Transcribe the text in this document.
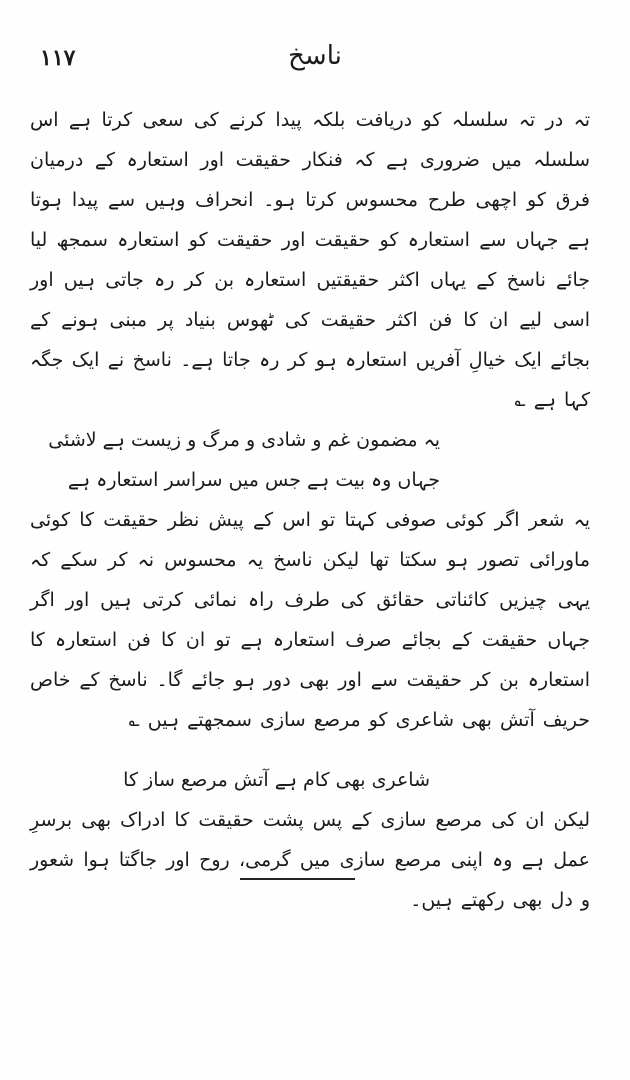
۱۱۷	ناسخ

تہ در تہ سلسلہ کو دریافت بلکہ پیدا کرنے کی سعی کرتا ہے اس سلسلہ میں ضروری ہے کہ فنکار حقیقت اور استعارہ کے درمیان فرق کو اچھی طرح محسوس کرتا ہو۔ انحراف وہیں سے پیدا ہوتا ہے جہاں سے استعارہ کو حقیقت اور حقیقت کو استعارہ سمجھ لیا جائے ناسخ کے یہاں اکثر حقیقتیں استعارہ بن کر رہ جاتی ہیں اور اسی لیے ان کا فن اکثر حقیقت کی ٹھوس بنیاد پر مبنی ہونے کے بجائے ایک خیالِ آفریں استعارہ ہو کر رہ جاتا ہے۔ ناسخ نے ایک جگہ کہا ہے ؎

یہ مضمون غم و شادی و مرگ و زیست ہے لاشئی

جہاں وہ بیت ہے جس میں سراسر استعارہ ہے

یہ شعر اگر کوئی صوفی کہتا تو اس کے پیش نظر حقیقت کا کوئی ماورائی تصور ہو سکتا تھا لیکن ناسخ یہ محسوس نہ کر سکے کہ یہی چیزیں کائناتی حقائق کی طرف راہ نمائی کرتی ہیں اور اگر جہاں حقیقت کے بجائے صرف استعارہ ہے تو ان کا فن استعارہ کا استعارہ بن کر حقیقت سے اور بھی دور ہو جائے گا۔ ناسخ کے خاص حریف آتش بھی شاعری کو مرصع سازی سمجھتے ہیں ؎

شاعری بھی کام ہے آتش مرصع ساز کا

لیکن ان کی مرصع سازی کے پس پشت حقیقت کا ادراک بھی برسرِ عمل ہے وہ اپنی مرصع سازی میں گرمی، روح اور جاگتا ہوا شعور و دل بھی رکھتے ہیں۔
